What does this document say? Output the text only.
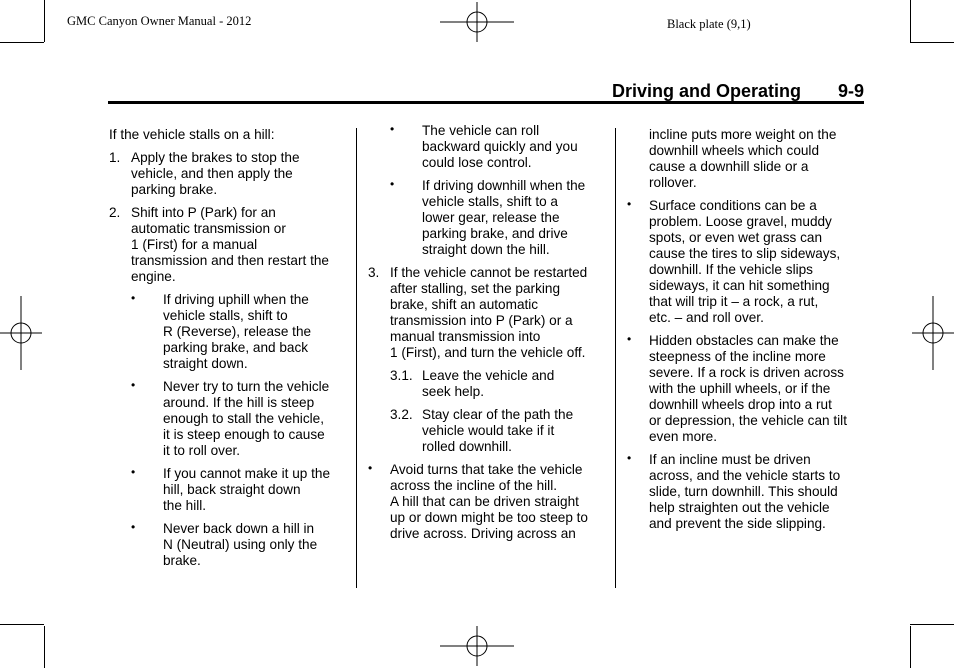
GMC Canyon Owner Manual - 2012	Black plate (9,1)
Driving and Operating 9-9
If the vehicle stalls on a hill:
1. Apply the brakes to stop the
vehicle, and then apply the
parking brake.
2. Shift into P (Park) for an
automatic transmission or
1 (First) for a manual
transmission and then restart the
engine.
• If driving uphill when the
vehicle stalls, shift to
R (Reverse), release the
parking brake, and back
straight down.
• Never try to turn the vehicle
around. If the hill is steep
enough to stall the vehicle,
it is steep enough to cause
it to roll over.
• If you cannot make it up the
hill, back straight down
the hill.
• Never back down a hill in
N (Neutral) using only the
brake.
• The vehicle can roll
backward quickly and you
could lose control.
• If driving downhill when the
vehicle stalls, shift to a
lower gear, release the
parking brake, and drive
straight down the hill.
3. If the vehicle cannot be restarted
after stalling, set the parking
brake, shift an automatic
transmission into P (Park) or a
manual transmission into
1 (First), and turn the vehicle off.
3.1. Leave the vehicle and
seek help.
3.2. Stay clear of the path the
vehicle would take if it
rolled downhill.
• Avoid turns that take the vehicle
across the incline of the hill.
A hill that can be driven straight
up or down might be too steep to
drive across. Driving across an
incline puts more weight on the
downhill wheels which could
cause a downhill slide or a
rollover.
• Surface conditions can be a
problem. Loose gravel, muddy
spots, or even wet grass can
cause the tires to slip sideways,
downhill. If the vehicle slips
sideways, it can hit something
that will trip it – a rock, a rut,
etc. – and roll over.
• Hidden obstacles can make the
steepness of the incline more
severe. If a rock is driven across
with the uphill wheels, or if the
downhill wheels drop into a rut
or depression, the vehicle can tilt
even more.
• If an incline must be driven
across, and the vehicle starts to
slide, turn downhill. This should
help straighten out the vehicle
and prevent the side slipping.
